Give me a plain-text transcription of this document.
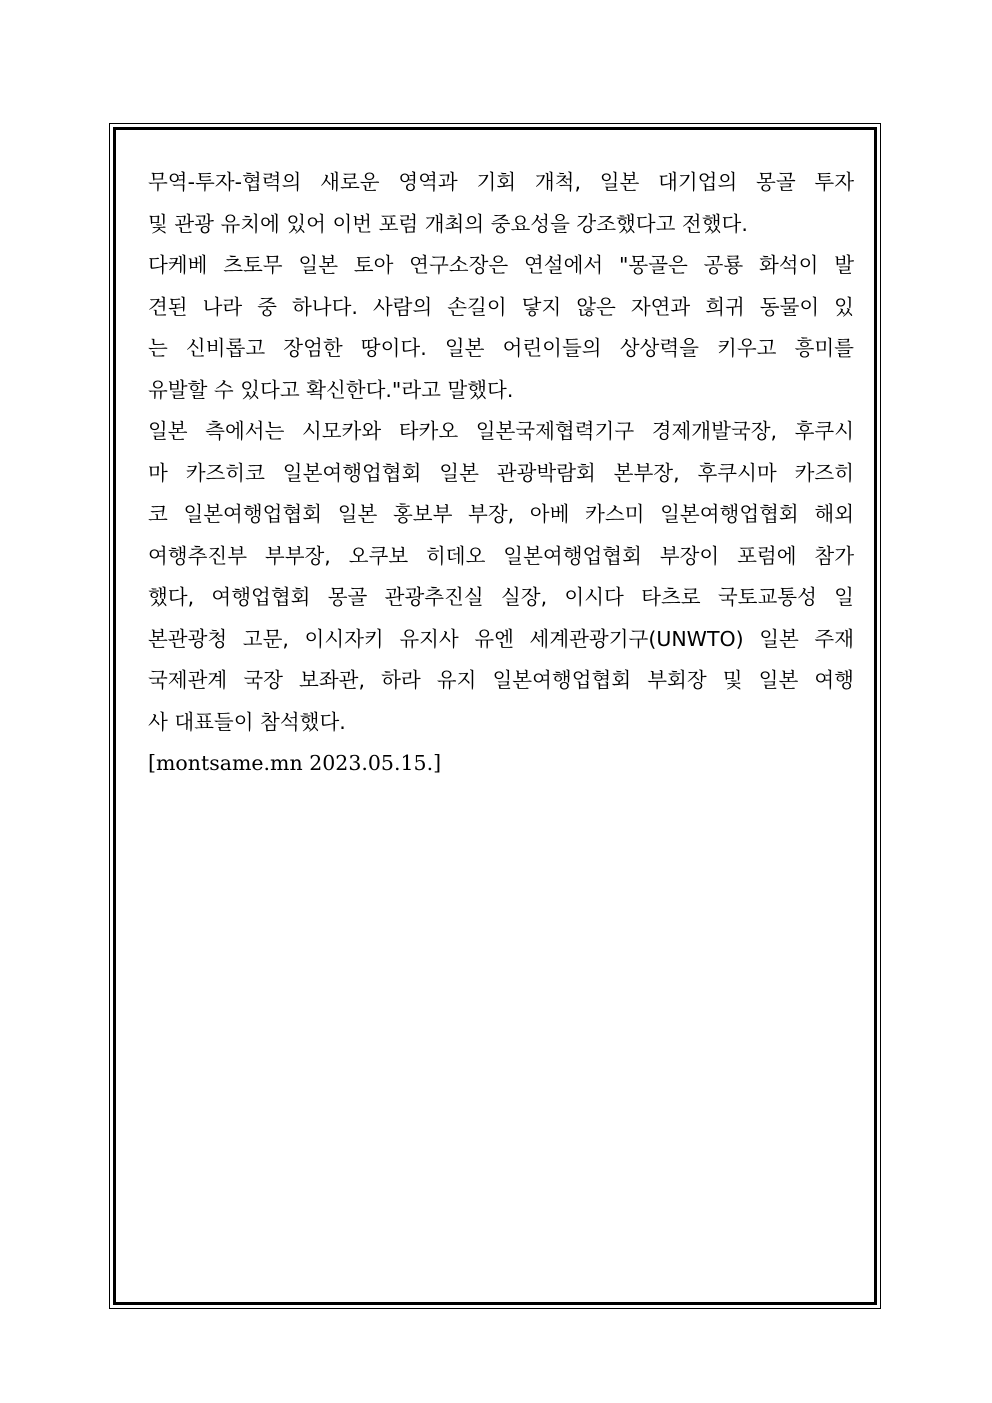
무역-투자-협력의 새로운 영역과 기회 개척, 일본 대기업의 몽골 투자
및 관광 유치에 있어 이번 포럼 개최의 중요성을 강조했다고 전했다.
다케베 츠토무 일본 토아 연구소장은 연설에서 "몽골은 공룡 화석이 발
견된 나라 중 하나다. 사람의 손길이 닿지 않은 자연과 희귀 동물이 있
는 신비롭고 장엄한 땅이다. 일본 어린이들의 상상력을 키우고 흥미를
유발할 수 있다고 확신한다."라고 말했다.
일본 측에서는 시모카와 타카오 일본국제협력기구 경제개발국장, 후쿠시
마 카즈히코 일본여행업협회 일본 관광박람회 본부장, 후쿠시마 카즈히
코 일본여행업협회 일본 홍보부 부장, 아베 카스미 일본여행업협회 해외
여행추진부 부부장, 오쿠보 히데오 일본여행업협회 부장이 포럼에 참가
했다, 여행업협회 몽골 관광추진실 실장, 이시다 타츠로 국토교통성 일
본관광청 고문, 이시자키 유지사 유엔 세계관광기구(UNWTO) 일본 주재
국제관계 국장 보좌관, 하라 유지 일본여행업협회 부회장 및 일본 여행
사 대표들이 참석했다.
[montsame.mn 2023.05.15.]
